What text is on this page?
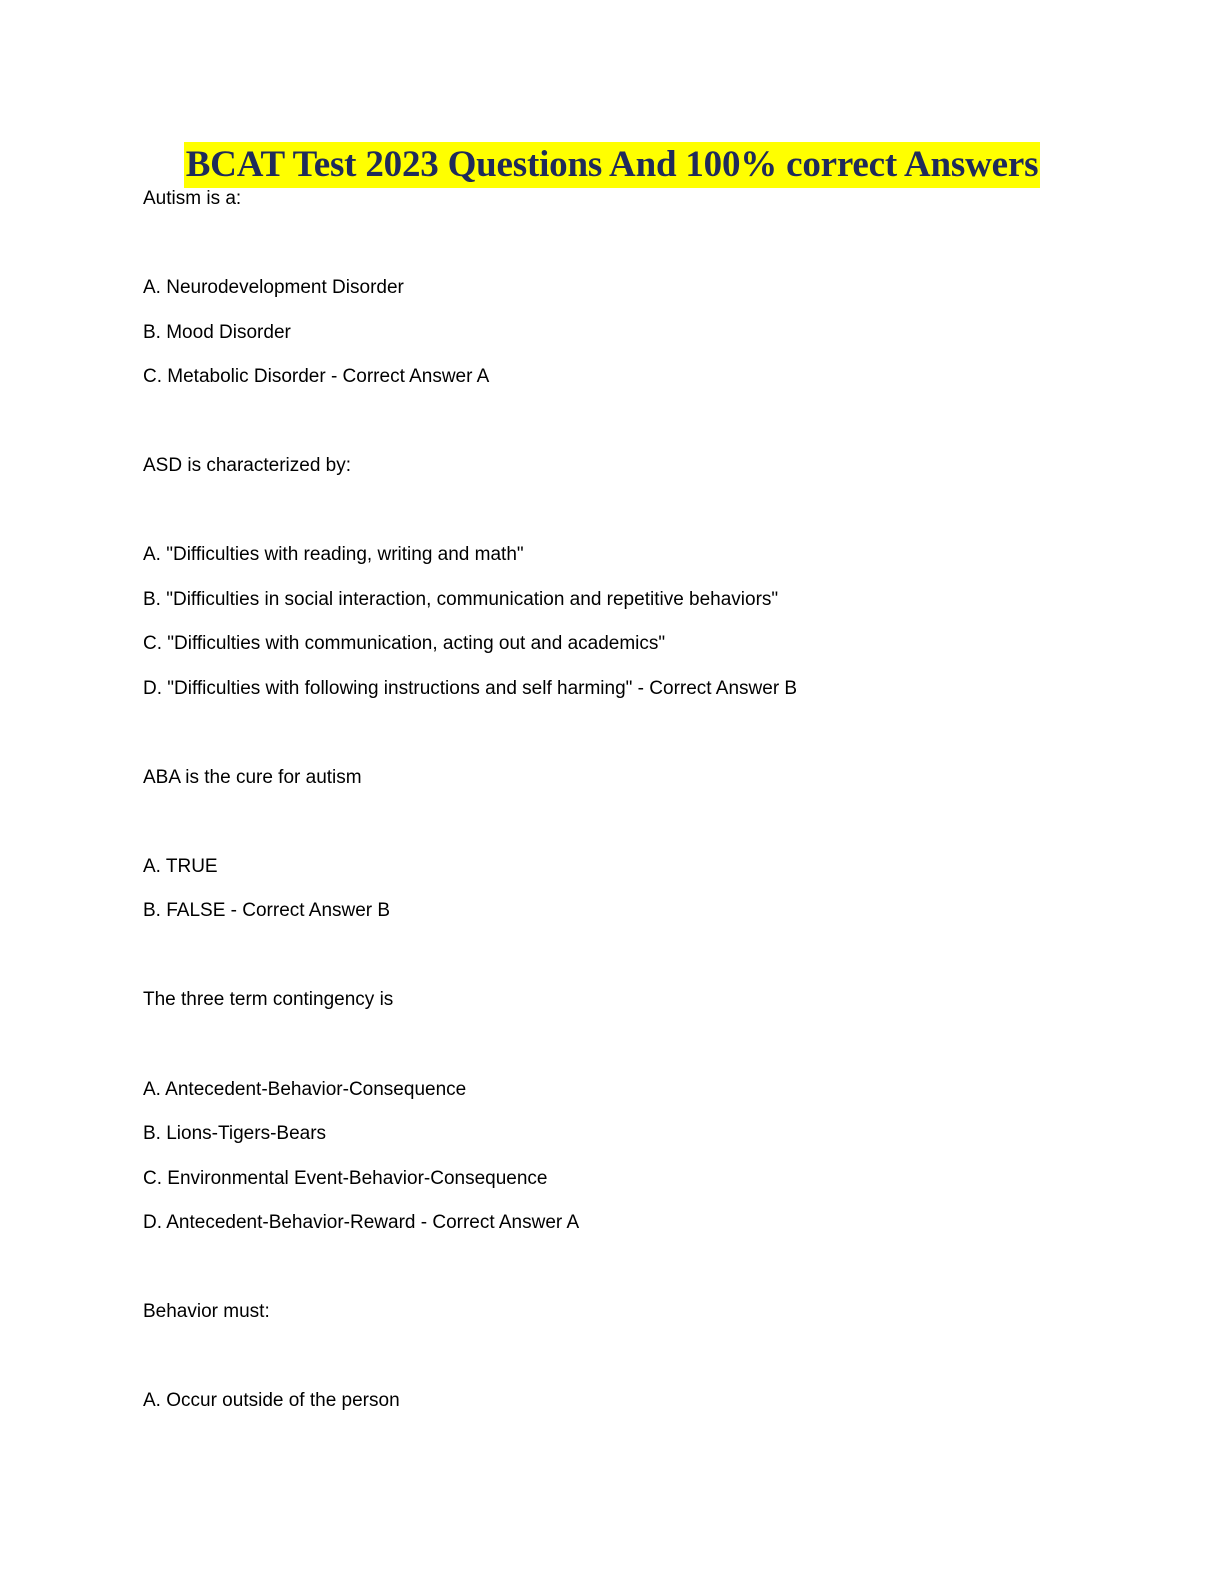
BCAT Test 2023 Questions And 100% correct Answers
Autism is a:
A. Neurodevelopment Disorder
B. Mood Disorder
C. Metabolic Disorder - Correct Answer A
ASD is characterized by:
A. "Difficulties with reading, writing and math"
B. "Difficulties in social interaction, communication and repetitive behaviors"
C. "Difficulties with communication, acting out and academics"
D. "Difficulties with following instructions and self harming" - Correct Answer B
ABA is the cure for autism
A. TRUE
B. FALSE - Correct Answer B
The three term contingency is
A. Antecedent-Behavior-Consequence
B. Lions-Tigers-Bears
C. Environmental Event-Behavior-Consequence
D. Antecedent-Behavior-Reward - Correct Answer A
Behavior must:
A. Occur outside of the person
